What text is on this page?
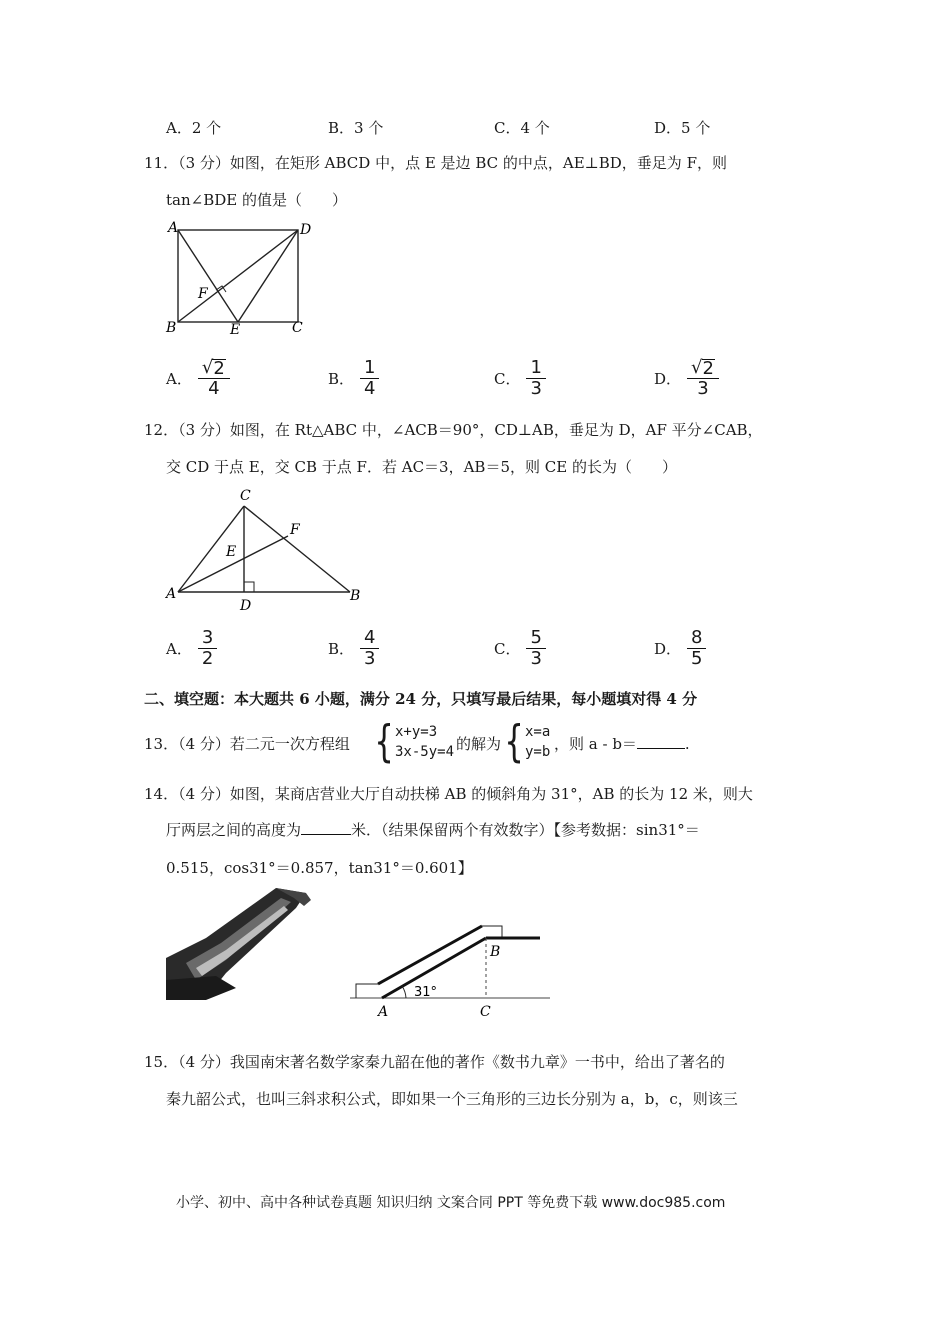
A．2 个	B．3 个	C．4 个	D．5 个
11．（3 分）如图，在矩形 ABCD 中，点 E 是边 BC 的中点，AE⊥BD，垂足为 F，则
tan∠BDE 的值是（　　）
A	D
F
B	E	C
A． $\frac{√ 2}{4}$	B． $\frac{1}{4}$	C． $\frac{1}{3}$	D． $\frac{√ 2}{3}$
12．（3 分）如图，在 Rt△ABC 中，∠ACB＝90°，CD⊥AB，垂足为 D，AF 平分∠CAB，
交 CD 于点 E，交 CB 于点 F．若 AC＝3，AB＝5，则 CE 的长为（　　）
C
F
E
A
D
B
A． $\frac{3}{2}$	B． $\frac{4}{3}$	C． $\frac{5}{3}$	D． $\frac{8}{5}$
二、填空题：本大题共 6 小题，满分 24 分，只填写最后结果，每小题填对得 4 分
13．（4 分）若二元一次方程组 { x+y=3
3x-5y=4 的解为 { x=a
y=b ，则 a - b＝	.
14．（4 分）如图，某商店营业大厅自动扶梯 AB 的倾斜角为 31°，AB 的长为 12 米，则大
厅两层之间的高度为	米．（结果保留两个有效数字）【参考数据：sin31°＝
0.515，cos31°＝0.857，tan31°＝0.601】
31°
B
A	C
15．（4 分）我国南宋著名数学家秦九韶在他的著作《数书九章》一书中，给出了著名的
秦九韶公式，也叫三斜求积公式，即如果一个三角形的三边长分别为 a，b，c，则该三
小学、初中、高中各种试卷真题 知识归纳 文案合同 PPT 等免费下载 www.doc985.com
